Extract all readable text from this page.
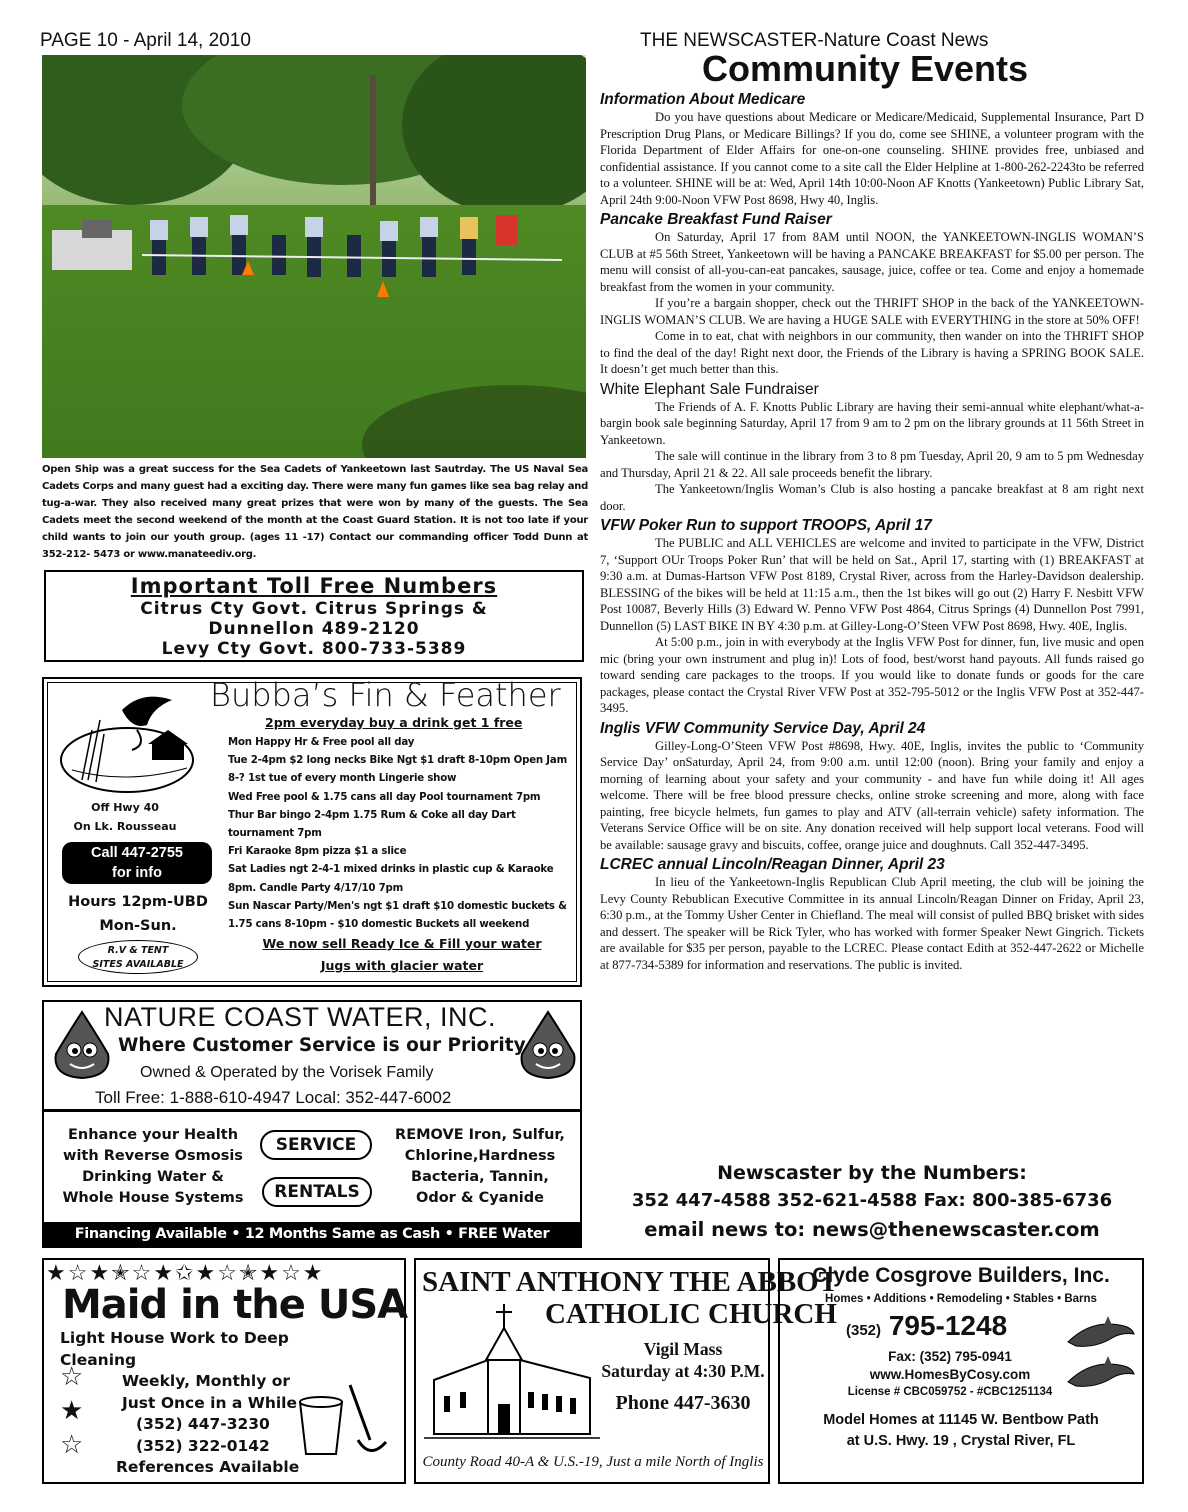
PAGE 10 - April 14, 2010	THE NEWSCASTER-Nature Coast News
Community Events
Open Ship was a great success for the Sea Cadets of Yankeetown last Sautrday. The US Naval Sea Cadets Corps and many guest had a exciting day. There were many fun games like sea bag relay and tug-a-war. They also received many great prizes that were won by many of the guests. The Sea Cadets meet the second weekend of the month at the Coast Guard Station. It is not too late if your child wants to join our youth group. (ages 11 -17) Contact our commanding officer Todd Dunn at 352-212- 5473 or www.manateediv.org.
Important Toll Free Numbers
Citrus Cty Govt. Citrus Springs &
Dunnellon 489-2120
Levy Cty Govt. 800-733-5389
Bubba’s Fin & Feather
2pm everyday buy a drink get 1 free
Mon Happy Hr & Free pool all day
Tue 2-4pm $2 long necks Bike Ngt $1 draft 8-10pm Open Jam 8-? 1st tue of every month Lingerie show
Wed Free pool & 1.75 cans all day Pool tournament 7pm
Thur Bar bingo 2-4pm 1.75 Rum & Coke all day Dart tournament 7pm
Fri Karaoke 8pm pizza $1 a slice
Sat Ladies ngt 2-4-1 mixed drinks in plastic cup & Karaoke 8pm. Candle Party 4/17/10 7pm
Sun Nascar Party/Men's ngt $1 draft $10 domestic buckets & 1.75 cans 8-10pm - $10 domestic Buckets all weekend
Off Hwy 40
On Lk. Rousseau
Call 447-2755
for info
Hours 12pm-UBD
Mon-Sun.
R.V & TENT
SITES AVAILABLE
We now sell Ready Ice & Fill your water
Jugs with glacier water
NATURE COAST WATER, INC.
Where Customer Service is our Priority
Owned & Operated by the Vorisek Family
Toll Free: 1-888-610-4947 Local: 352-447-6002
Enhance your Health
with Reverse Osmosis
Drinking Water &
Whole House Systems
SERVICE
RENTALS
REMOVE Iron, Sulfur,
Chlorine,Hardness
Bacteria, Tannin,
Odor & Cyanide
Financing Available • 12 Months Same as Cash • FREE Water Analysis
Information About Medicare
Do you have questions about Medicare or Medicare/Medicaid, Supplemental Insurance, Part D Prescription Drug Plans, or Medicare Billings? If you do, come see SHINE, a volunteer program with the Florida Department of Elder Affairs for one-on-one counseling. SHINE provides free, unbiased and confidential assistance. If you cannot come to a site call the Elder Helpline at 1-800-262-2243to be referred to a volunteer. SHINE will be at: Wed, April 14th 10:00-Noon AF Knotts (Yankeetown) Public Library Sat, April 24th 9:00-Noon VFW Post 8698, Hwy 40, Inglis.
Pancake Breakfast Fund Raiser
On Saturday, April 17 from 8AM until NOON, the YANKEETOWN-INGLIS WOMAN’S CLUB at #5 56th Street, Yankeetown will be having a PANCAKE BREAKFAST for $5.00 per person. The menu will consist of all-you-can-eat pancakes, sausage, juice, coffee or tea. Come and enjoy a homemade breakfast from the women in your community.
If you’re a bargain shopper, check out the THRIFT SHOP in the back of the YANKEETOWN-INGLIS WOMAN’S CLUB. We are having a HUGE SALE with EVERYTHING in the store at 50% OFF!
Come in to eat, chat with neighbors in our community, then wander on into the THRIFT SHOP to find the deal of the day! Right next door, the Friends of the Library is having a SPRING BOOK SALE. It doesn’t get much better than this.
White Elephant Sale Fundraiser
The Friends of A. F. Knotts Public Library are having their semi-annual white elephant/what-a-bargin book sale beginning Saturday, April 17 from 9 am to 2 pm on the library grounds at 11 56th Street in Yankeetown.
The sale will continue in the library from 3 to 8 pm Tuesday, April 20, 9 am to 5 pm Wednesday and Thursday, April 21 & 22. All sale proceeds benefit the library.
The Yankeetown/Inglis Woman’s Club is also hosting a pancake breakfast at 8 am right next door.
VFW Poker Run to support TROOPS, April 17
The PUBLIC and ALL VEHICLES are welcome and invited to participate in the VFW, District 7, ‘Support OUr Troops Poker Run’ that will be held on Sat., April 17, starting with (1) BREAKFAST at 9:30 a.m. at Dumas-Hartson VFW Post 8189, Crystal River, across from the Harley-Davidson dealership. BLESSING of the bikes will be held at 11:15 a.m., then the 1st bikes will go out (2) Harry F. Nesbitt VFW Post 10087, Beverly Hills (3) Edward W. Penno VFW Post 4864, Citrus Springs (4) Dunnellon Post 7991, Dunnellon (5) LAST BIKE IN BY 4:30 p.m. at Gilley-Long-O’Steen VFW Post 8698, Hwy. 40E, Inglis.
At 5:00 p.m., join in with everybody at the Inglis VFW Post for dinner, fun, live music and open mic (bring your own instrument and plug in)! Lots of food, best/worst hand payouts. All funds raised go toward sending care packages to the troops. If you would like to donate funds or goods for the care packages, please contact the Crystal River VFW Post at 352-795-5012 or the Inglis VFW Post at 352-447-3495.
Inglis VFW Community Service Day, April 24
Gilley-Long-O’Steen VFW Post #8698, Hwy. 40E, Inglis, invites the public to ‘Community Service Day’ onSaturday, April 24, from 9:00 a.m. until 12:00 (noon). Bring your family and enjoy a morning of learning about your safety and your community - and have fun while doing it! All ages welcome. There will be free blood pressure checks, online stroke screening and more, along with face painting, free bicycle helmets, fun games to play and ATV (all-terrain vehicle) safety information. The Veterans Service Office will be on site. Any donation received will help support local veterans. Food will be available: sausage gravy and biscuits, coffee, orange juice and doughnuts. Call 352-447-3495.
LCREC annual Lincoln/Reagan Dinner, April 23
In lieu of the Yankeetown-Inglis Republican Club April meeting, the club will be joining the Levy County Rebublican Executive Committee in its annual Lincoln/Reagan Dinner on Friday, April 23, 6:30 p.m., at the Tommy Usher Center in Chiefland. The meal will consist of pulled BBQ brisket with sides and dessert. The speaker will be Rick Tyler, who has worked with former Speaker Newt Gingrich. Tickets are available for $35 per person, payable to the LCREC. Please contact Edith at 352-447-2622 or Michelle at 877-734-5389 for information and reservations. The public is invited.
Newscaster by the Numbers:
352 447-4588 352-621-4588 Fax: 800-385-6736
email news to: news@thenewscaster.com
★☆★✭☆★✩★☆✭★☆★
☆
★
☆
Maid in the USA
Light House Work to Deep Cleaning
Weekly, Monthly or
Just Once in a While
(352) 447-3230
(352) 322-0142
References Available
SAINT ANTHONY THE ABBOT
CATHOLIC CHURCH
Vigil Mass
Saturday at 4:30 P.M.
Phone 447-3630
County Road 40-A & U.S.-19, Just a mile North of Inglis
Clyde Cosgrove Builders, Inc.
Homes • Additions • Remodeling • Stables • Barns
(352) 795-1248
Fax: (352) 795-0941
www.HomesByCosy.com
License # CBC059752 - #CBC1251134
Model Homes at 11145 W. Bentbow Path
at U.S. Hwy. 19 , Crystal River, FL
